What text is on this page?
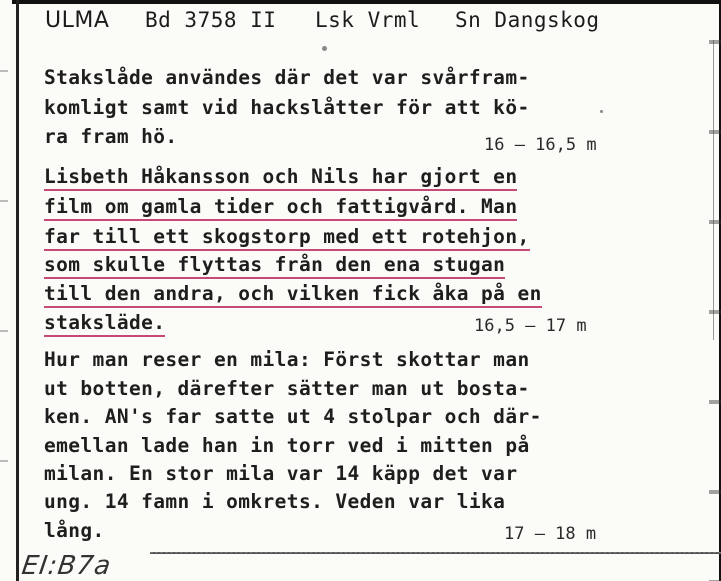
ULMA Bd 3758 II Lsk Vrml Sn Dangskog
Stakslåde användes där det var svårfram-
komligt samt vid hackslåtter för att kö-
ra fram hö.	16 – 16,5 m
Lisbeth Håkansson och Nils har gjort en
film om gamla tider och fattigvård. Man
far till ett skogstorp med ett rotehjon,
som skulle flyttas från den ena stugan
till den andra, och vilken fick åka på en
staksläde.	16,5 – 17 m
Hur man reser en mila: Först skottar man
ut botten, därefter sätter man ut bosta-
ken. AN's far satte ut 4 stolpar och där-
emellan lade han in torr ved i mitten på
milan. En stor mila var 14 käpp det var
ung. 14 famn i omkrets. Veden var lika
lång.	17 – 18 m
EI:B7a
